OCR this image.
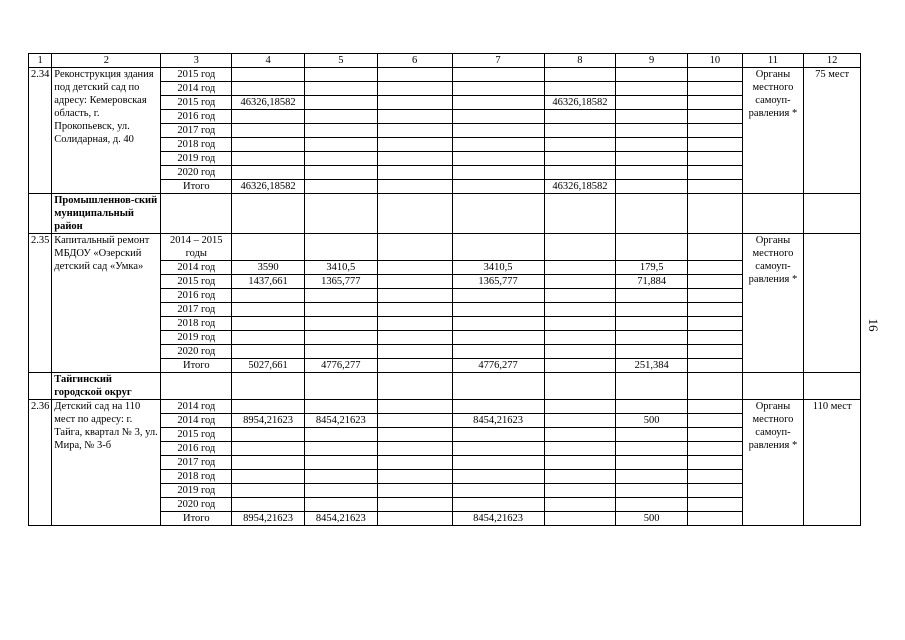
1	2	3	4	5	6	7	8	9	10	11	12
2.34	Реконструкция здания под детский сад по адресу: Кемеровская область, г. Прокопьевск, ул. Солидарная, д. 40	2015 год								Органы местного самоуп-равления *	75 мест
		2014 год									
		2015 год	46326,18582				46326,18582				
		2016 год									
		2017 год									
		2018 год									
		2019 год									
		2020 год									
		Итого	46326,18582				46326,18582				
	Промышленнов-ский муниципальный район										
2.35	Капитальный ремонт МБДОУ «Озерский детский сад «Умка»	2014 – 2015 годы								Органы местного самоуп-равления *	
		2014 год	3590	3410,5		3410,5		179,5			
		2015 год	1437,661	1365,777		1365,777		71,884			
		2016 год									
		2017 год									
		2018 год									
		2019 год									
		2020 год									
		Итого	5027,661	4776,277		4776,277		251,384			
	Тайгинский городской округ										
2.36	Детский сад на 110 мест по адресу: г. Тайга, квартал № 3, ул. Мира, № 3-б	2014 год								Органы местного самоуп-равления *	110 мест
		2014 год	8954,21623	8454,21623		8454,21623		500			
		2015 год									
		2016 год									
		2017 год									
		2018 год									
		2019 год									
		2020 год									
		Итого	8954,21623	8454,21623		8454,21623		500			
16
